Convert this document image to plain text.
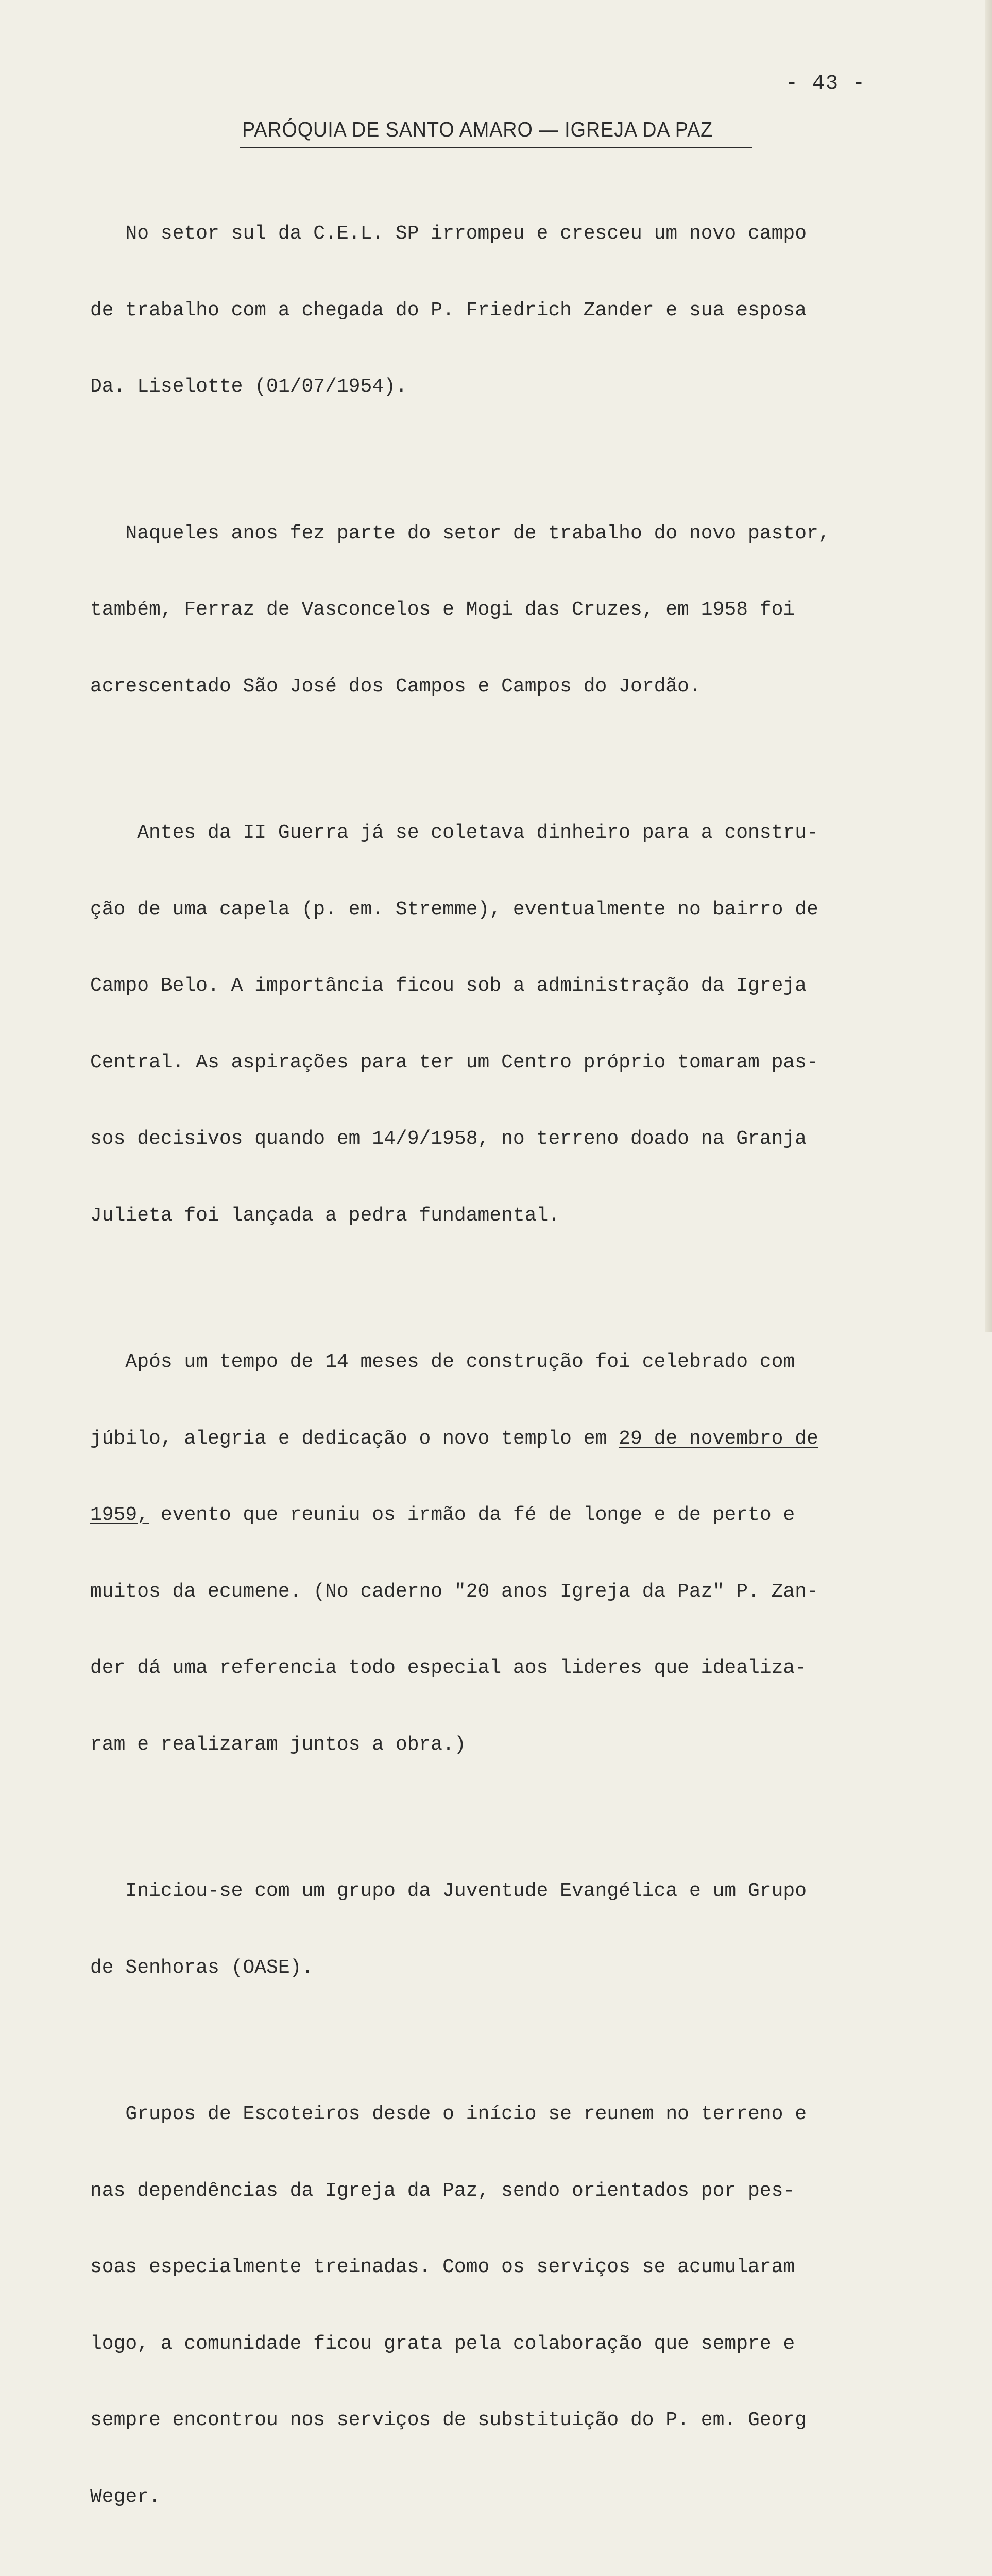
- 43 -
PARÓQUIA DE SANTO AMARO — IGREJA DA PAZ

No setor sul da C.E.L. SP irrompeu e cresceu um novo campo

de trabalho com a chegada do P. Friedrich Zander e sua esposa

Da. Liselotte (01/07/1954).

Naqueles anos fez parte do setor de trabalho do novo pastor,

também, Ferraz de Vasconcelos e Mogi das Cruzes, em 1958 foi

acrescentado São José dos Campos e Campos do Jordão.

Antes da II Guerra já se coletava dinheiro para a constru-

ção de uma capela (p. em. Stremme), eventualmente no bairro de

Campo Belo. A importância ficou sob a administração da Igreja

Central. As aspirações para ter um Centro próprio tomaram pas-

sos decisivos quando em 14/9/1958, no terreno doado na Granja

Julieta foi lançada a pedra fundamental.

Após um tempo de 14 meses de construção foi celebrado com

júbilo, alegria e dedicação o novo templo em 29 de novembro de

1959, evento que reuniu os irmão da fé de longe e de perto e

muitos da ecumene. (No caderno "20 anos Igreja da Paz" P. Zan-

der dá uma referencia todo especial aos lideres que idealiza-

ram e realizaram juntos a obra.)

Iniciou-se com um grupo da Juventude Evangélica e um Grupo

de Senhoras (OASE).

Grupos de Escoteiros desde o início se reunem no terreno e

nas dependências da Igreja da Paz, sendo orientados por pes-

soas especialmente treinadas. Como os serviços se acumularam

logo, a comunidade ficou grata pela colaboração que sempre e

sempre encontrou nos serviços de substituição do P. em. Georg

Weger.
